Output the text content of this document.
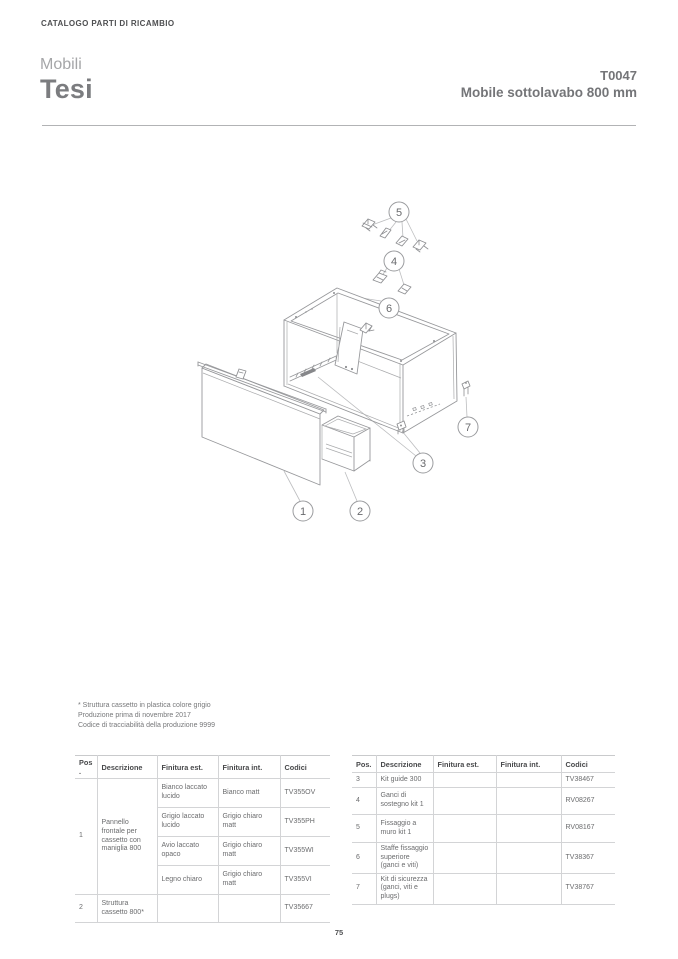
CATALOGO PARTI DI RICAMBIO
Mobili
Tesi	T0047
Mobile sottolavabo 800 mm
1	2
3
4
5
6
7
* Struttura cassetto in plastica colore grigio
Produzione prima di novembre 2017
Codice di tracciabilità della produzione 9999
Pos.	Descrizione	Finitura est.	Finitura int.	Codici
1	Pannello frontale per cassetto con maniglia 800	Bianco laccato lucido	Bianco matt	TV355OV
		Grigio laccato lucido	Grigio chiaro matt	TV355PH
		Avio laccato opaco	Grigio chiaro matt	TV355WI
		Legno chiaro	Grigio chiaro matt	TV355VI
2	Struttura cassetto 800*			TV35667
Pos.	Descrizione	Finitura est.	Finitura int.	Codici
3	Kit guide 300			TV38467
4	Ganci di sostegno kit 1			RV08267
5	Fissaggio a muro kit 1			RV08167
6	Staffe fissaggio superiore (ganci e viti)			TV38367
7	Kit di sicurezza (ganci, viti e plugs)			TV38767
75
